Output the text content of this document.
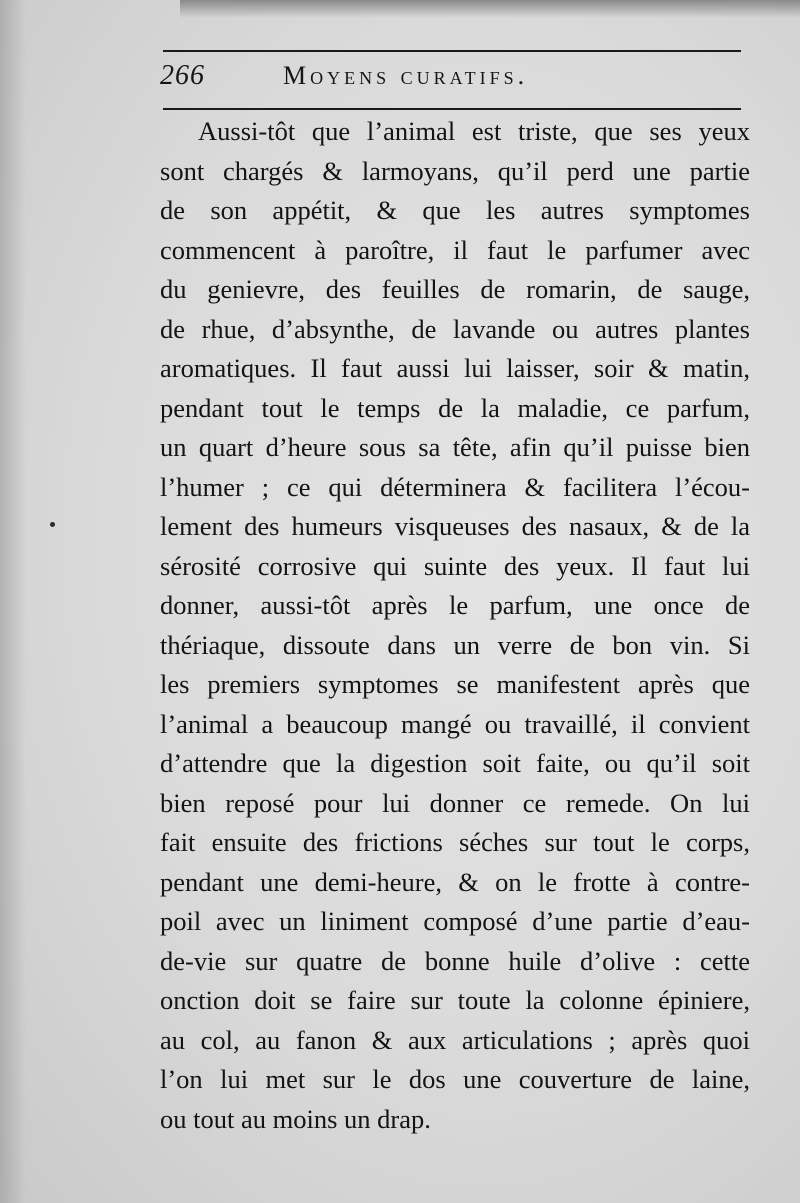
266	Moyens curatifs.
Aussi-tôt que l’animal est triste, que ses yeux
sont chargés & larmoyans, qu’il perd une partie
de son appétit, & que les autres symptomes
commencent à paroître, il faut le parfumer avec
du genievre, des feuilles de romarin, de sauge,
de rhue, d’absynthe, de lavande ou autres plantes
aromatiques. Il faut aussi lui laisser, soir & matin,
pendant tout le temps de la maladie, ce parfum,
un quart d’heure sous sa tête, afin qu’il puisse bien
l’humer ; ce qui déterminera & facilitera l’écou-
lement des humeurs visqueuses des nasaux, & de la
sérosité corrosive qui suinte des yeux. Il faut lui
donner, aussi-tôt après le parfum, une once de
thériaque, dissoute dans un verre de bon vin. Si
les premiers symptomes se manifestent après que
l’animal a beaucoup mangé ou travaillé, il convient
d’attendre que la digestion soit faite, ou qu’il soit
bien reposé pour lui donner ce remede. On lui
fait ensuite des frictions séches sur tout le corps,
pendant une demi-heure, & on le frotte à contre-
poil avec un liniment composé d’une partie d’eau-
de-vie sur quatre de bonne huile d’olive : cette
onction doit se faire sur toute la colonne épiniere,
au col, au fanon & aux articulations ; après quoi
l’on lui met sur le dos une couverture de laine,
ou tout au moins un drap.
